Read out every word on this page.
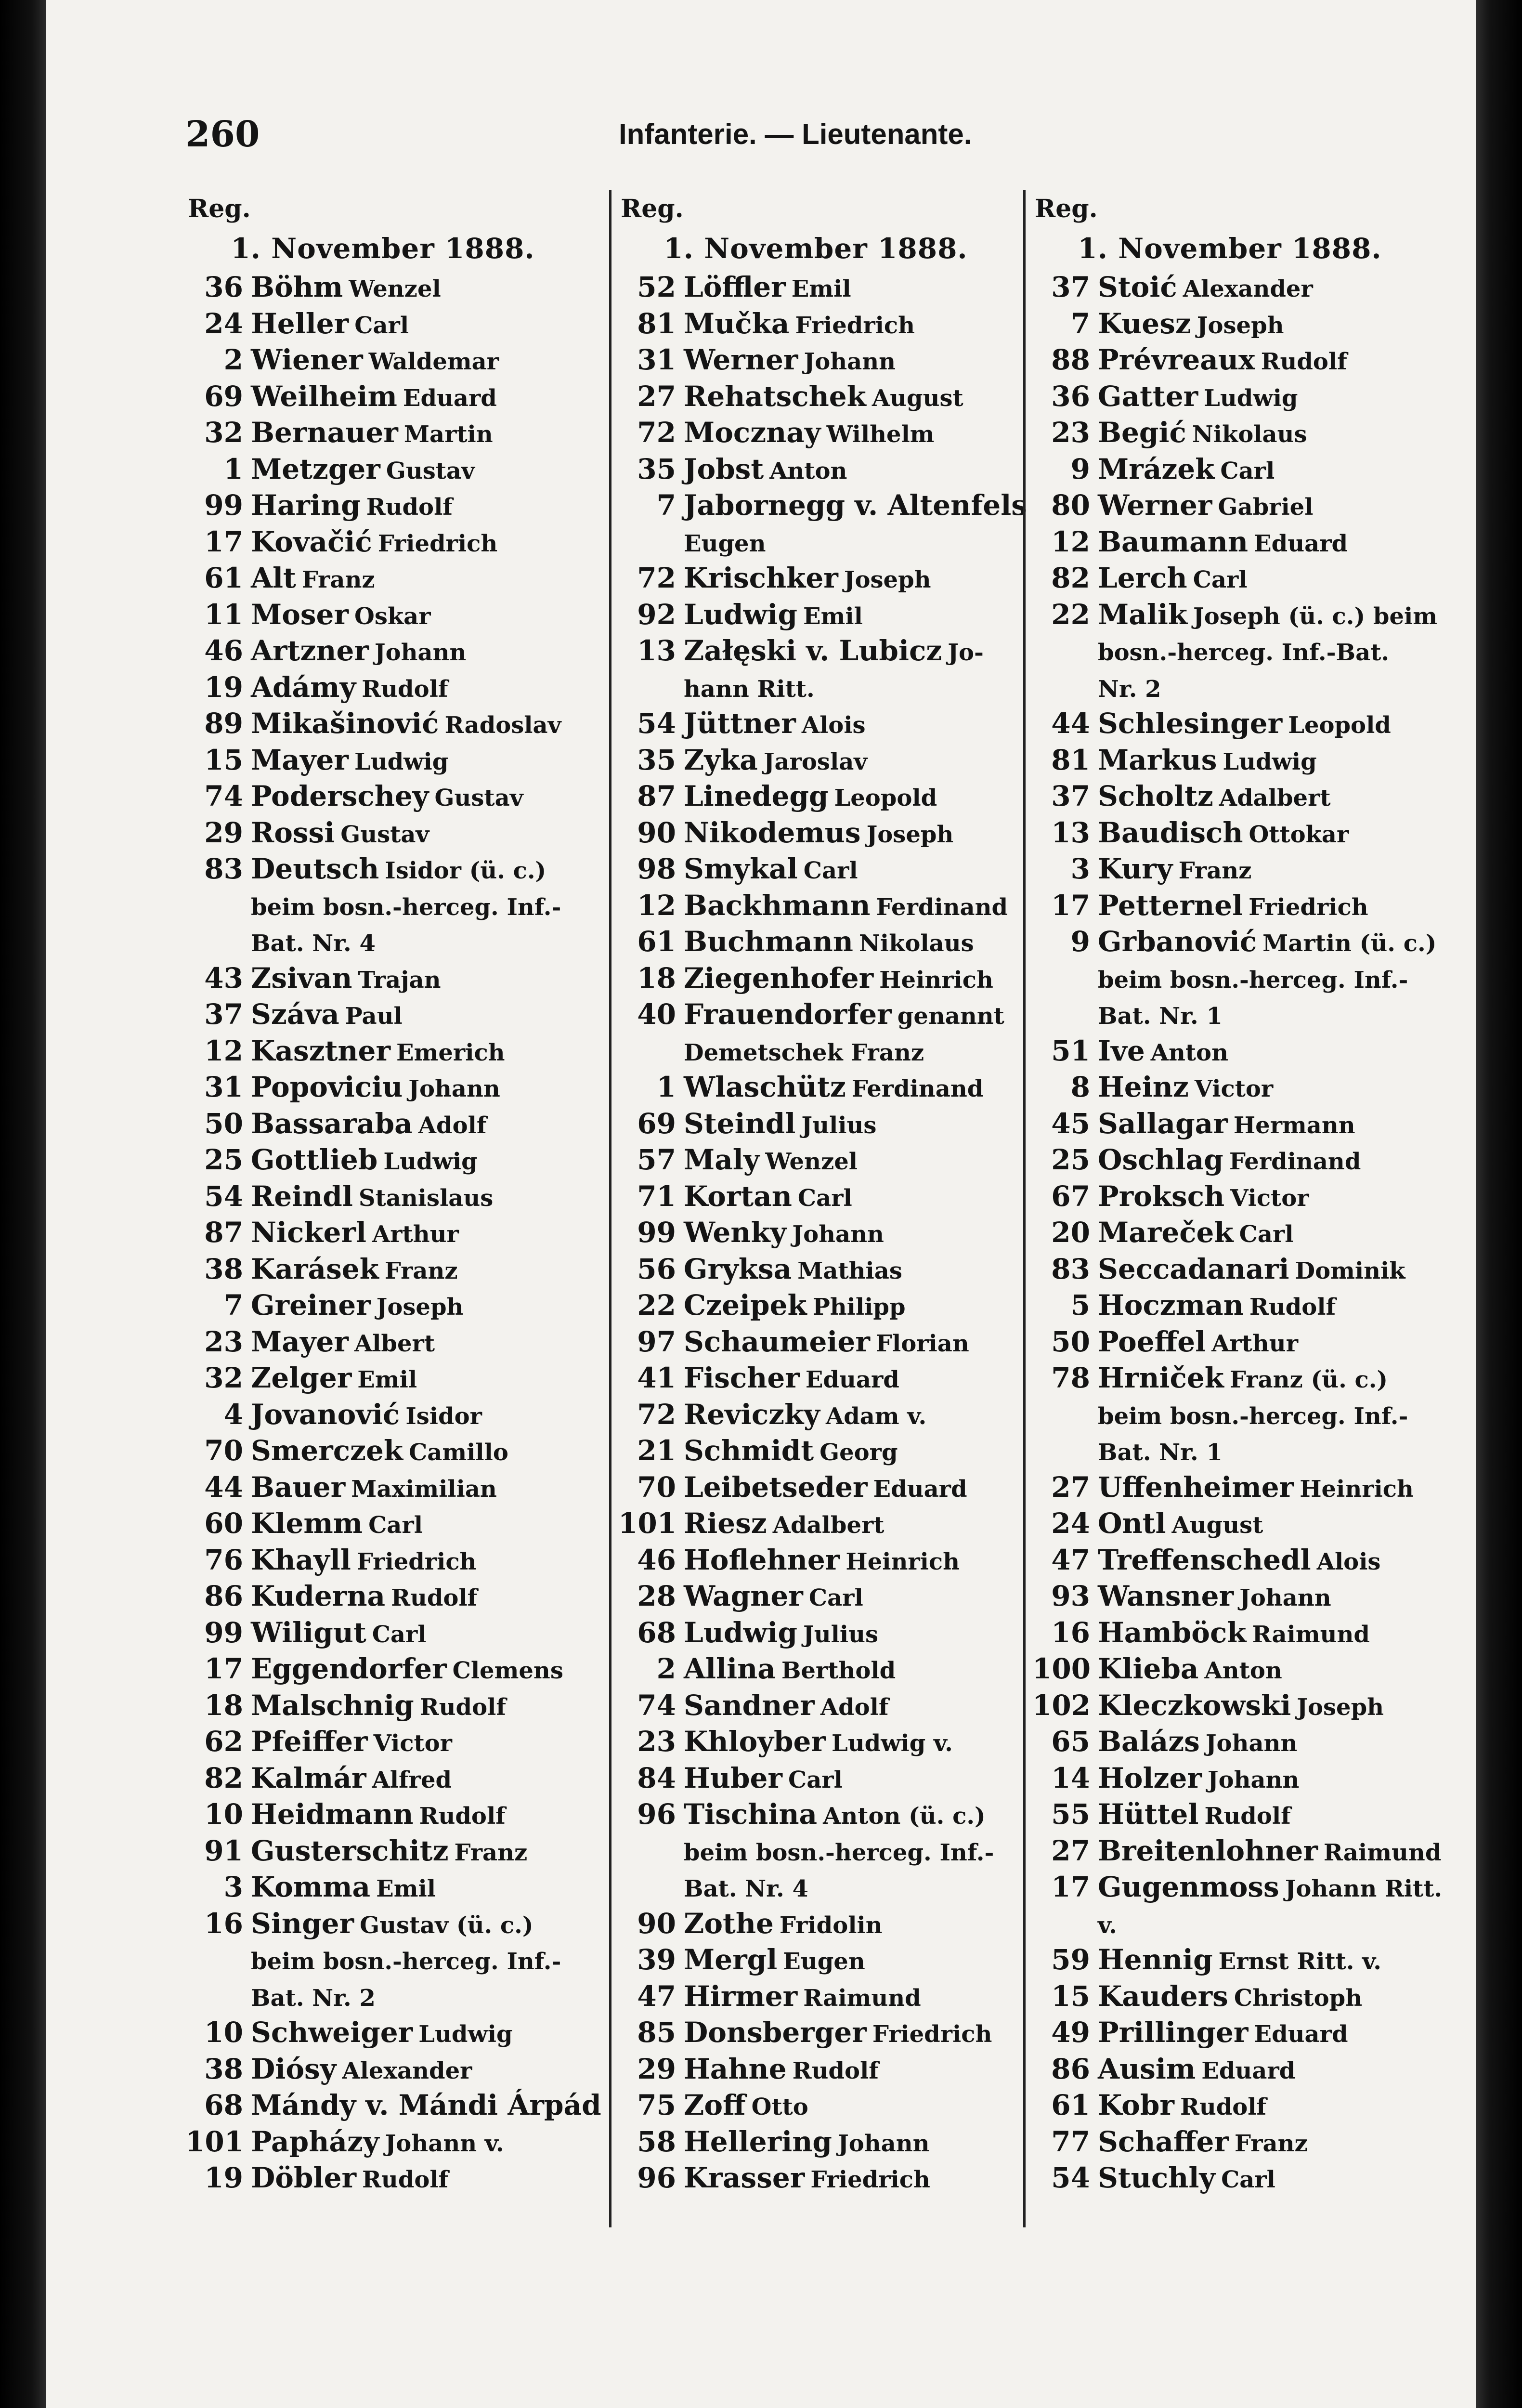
260	Infanterie. — Lieutenante.
Reg.
1. November 1888.
36 Böhm Wenzel
24 Heller Carl
2 Wiener Waldemar
69 Weilheim Eduard
32 Bernauer Martin
1 Metzger Gustav
99 Haring Rudolf
17 Kovačić Friedrich
61 Alt Franz
11 Moser Oskar
46 Artzner Johann
19 Adámy Rudolf
89 Mikašinović Radoslav
15 Mayer Ludwig
74 Poderschey Gustav
29 Rossi Gustav
83 Deutsch Isidor (ü. c.)
beim bosn.-herceg. Inf.-
Bat. Nr. 4
43 Zsivan Trajan
37 Száva Paul
12 Kasztner Emerich
31 Popoviciu Johann
50 Bassaraba Adolf
25 Gottlieb Ludwig
54 Reindl Stanislaus
87 Nickerl Arthur
38 Karásek Franz
7 Greiner Joseph
23 Mayer Albert
32 Zelger Emil
4 Jovanović Isidor
70 Smerczek Camillo
44 Bauer Maximilian
60 Klemm Carl
76 Khayll Friedrich
86 Kuderna Rudolf
99 Wiligut Carl
17 Eggendorfer Clemens
18 Malschnig Rudolf
62 Pfeiffer Victor
82 Kalmár Alfred
10 Heidmann Rudolf
91 Gusterschitz Franz
3 Komma Emil
16 Singer Gustav (ü. c.)
beim bosn.-herceg. Inf.-
Bat. Nr. 2
10 Schweiger Ludwig
38 Diósy Alexander
68 Mándy v. Mándi Árpád
101 Papházy Johann v.
19 Döbler Rudolf
Reg.
1. November 1888.
52 Löffler Emil
81 Mučka Friedrich
31 Werner Johann
27 Rehatschek August
72 Mocznay Wilhelm
35 Jobst Anton
7 Jabornegg v. Altenfels
Eugen
72 Krischker Joseph
92 Ludwig Emil
13 Załęski v. Lubicz Jo-
hann Ritt.
54 Jüttner Alois
35 Zyka Jaroslav
87 Linedegg Leopold
90 Nikodemus Joseph
98 Smykal Carl
12 Backhmann Ferdinand
61 Buchmann Nikolaus
18 Ziegenhofer Heinrich
40 Frauendorfer genannt
Demetschek Franz
1 Wlaschütz Ferdinand
69 Steindl Julius
57 Maly Wenzel
71 Kortan Carl
99 Wenky Johann
56 Gryksa Mathias
22 Czeipek Philipp
97 Schaumeier Florian
41 Fischer Eduard
72 Reviczky Adam v.
21 Schmidt Georg
70 Leibetseder Eduard
101 Riesz Adalbert
46 Hoflehner Heinrich
28 Wagner Carl
68 Ludwig Julius
2 Allina Berthold
74 Sandner Adolf
23 Khloyber Ludwig v.
84 Huber Carl
96 Tischina Anton (ü. c.)
beim bosn.-herceg. Inf.-
Bat. Nr. 4
90 Zothe Fridolin
39 Mergl Eugen
47 Hirmer Raimund
85 Donsberger Friedrich
29 Hahne Rudolf
75 Zoff Otto
58 Hellering Johann
96 Krasser Friedrich
Reg.
1. November 1888.
37 Stoić Alexander
7 Kuesz Joseph
88 Prévreaux Rudolf
36 Gatter Ludwig
23 Begić Nikolaus
9 Mrázek Carl
80 Werner Gabriel
12 Baumann Eduard
82 Lerch Carl
22 Malik Joseph (ü. c.) beim
bosn.-herceg. Inf.-Bat.
Nr. 2
44 Schlesinger Leopold
81 Markus Ludwig
37 Scholtz Adalbert
13 Baudisch Ottokar
3 Kury Franz
17 Petternel Friedrich
9 Grbanović Martin (ü. c.)
beim bosn.-herceg. Inf.-
Bat. Nr. 1
51 Ive Anton
8 Heinz Victor
45 Sallagar Hermann
25 Oschlag Ferdinand
67 Proksch Victor
20 Mareček Carl
83 Seccadanari Dominik
5 Hoczman Rudolf
50 Poeffel Arthur
78 Hrniček Franz (ü. c.)
beim bosn.-herceg. Inf.-
Bat. Nr. 1
27 Uffenheimer Heinrich
24 Ontl August
47 Treffenschedl Alois
93 Wansner Johann
16 Hamböck Raimund
100 Klieba Anton
102 Kleczkowski Joseph
65 Balázs Johann
14 Holzer Johann
55 Hüttel Rudolf
27 Breitenlohner Raimund
17 Gugenmoss Johann Ritt.
v.
59 Hennig Ernst Ritt. v.
15 Kauders Christoph
49 Prillinger Eduard
86 Ausim Eduard
61 Kobr Rudolf
77 Schaffer Franz
54 Stuchly Carl
